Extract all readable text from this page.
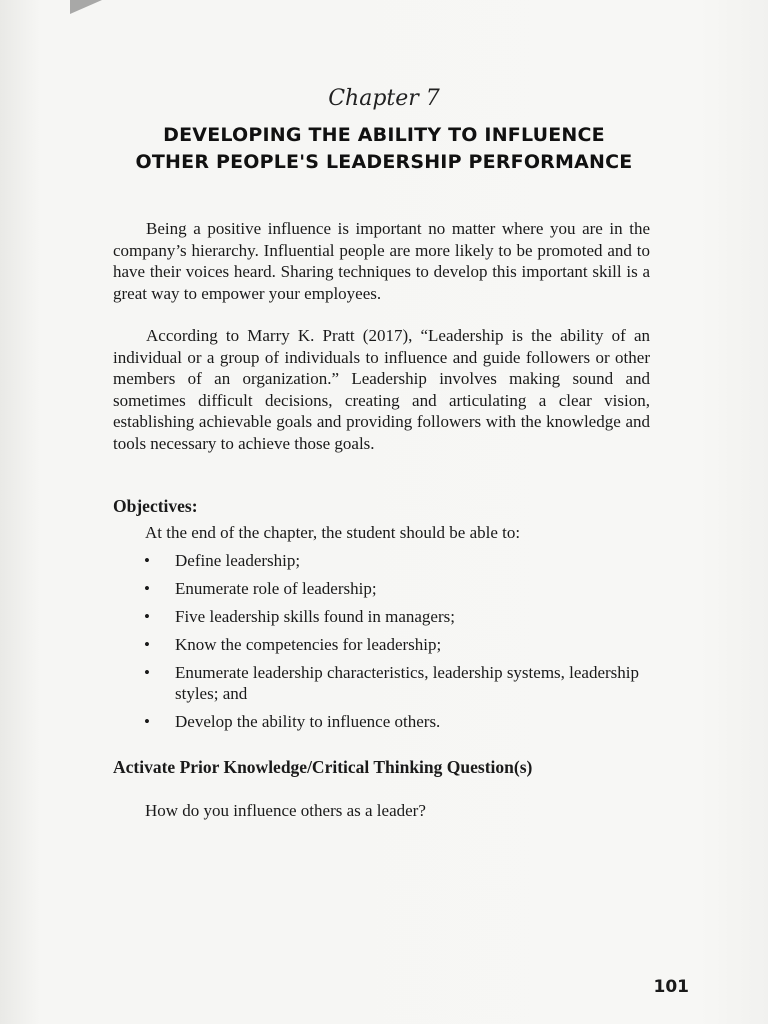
Chapter 7
DEVELOPING THE ABILITY TO INFLUENCE
OTHER PEOPLE'S LEADERSHIP PERFORMANCE

Being a positive influence is important no matter where you are in the company’s hierarchy. Influential people are more likely to be promoted and to have their voices heard. Sharing techniques to develop this important skill is a great way to empower your employees.

According to Marry K. Pratt (2017), “Leadership is the ability of an individual or a group of individuals to influence and guide followers or other members of an organization.” Leadership involves making sound and sometimes difficult decisions, creating and articulating a clear vision, establishing achievable goals and providing followers with the knowledge and tools necessary to achieve those goals.

Objectives:
At the end of the chapter, the student should be able to:
• Define leadership;
• Enumerate role of leadership;
• Five leadership skills found in managers;
• Know the competencies for leadership;
• Enumerate leadership characteristics, leadership systems, leadership styles; and
• Develop the ability to influence others.
Activate Prior Knowledge/Critical Thinking Question(s)
How do you influence others as a leader?
101
